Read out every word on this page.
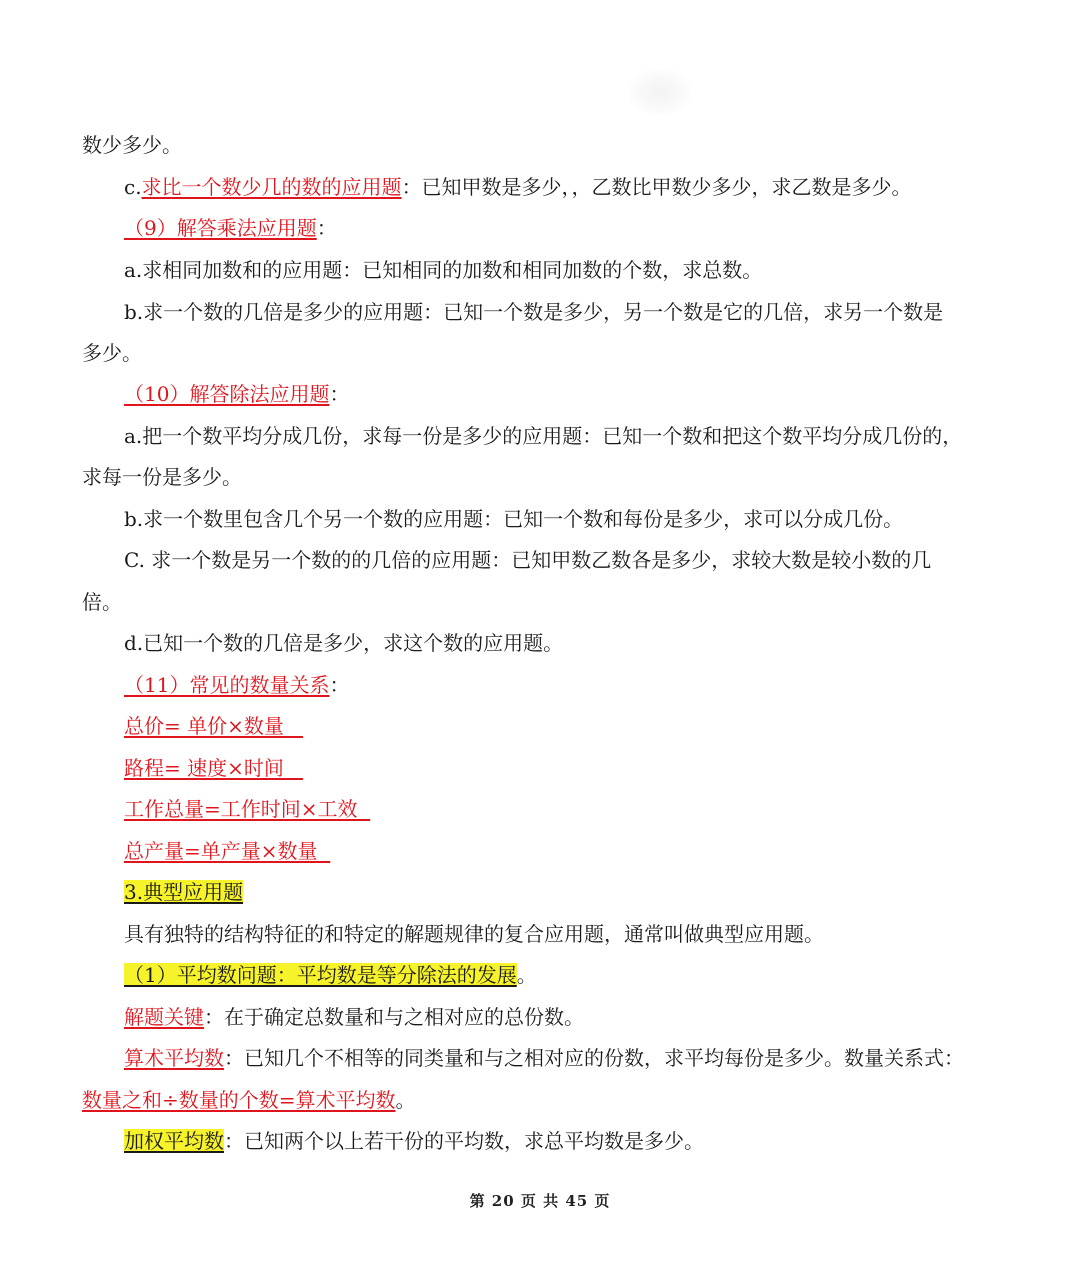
数少多少。
c.求比一个数少几的数的应用题：已知甲数是多少，，乙数比甲数少多少，求乙数是多少。
（9）解答乘法应用题：
a.求相同加数和的应用题：已知相同的加数和相同加数的个数，求总数。
b.求一个数的几倍是多少的应用题：已知一个数是多少，另一个数是它的几倍，求另一个数是
多少。
（10）解答除法应用题：
a.把一个数平均分成几份，求每一份是多少的应用题：已知一个数和把这个数平均分成几份的，
求每一份是多少。
b.求一个数里包含几个另一个数的应用题：已知一个数和每份是多少，求可以分成几份。
C. 求一个数是另一个数的的几倍的应用题：已知甲数乙数各是多少，求较大数是较小数的几
倍。
d.已知一个数的几倍是多少，求这个数的应用题。
（11）常见的数量关系：
总价= 单价×数量
路程= 速度×时间
工作总量=工作时间×工效
总产量=单产量×数量
3.典型应用题
具有独特的结构特征的和特定的解题规律的复合应用题，通常叫做典型应用题。
（1）平均数问题：平均数是等分除法的发展。
解题关键：在于确定总数量和与之相对应的总份数。
算术平均数：已知几个不相等的同类量和与之相对应的份数，求平均每份是多少。数量关系式：
数量之和÷数量的个数=算术平均数。
加权平均数：已知两个以上若干份的平均数，求总平均数是多少。
第 20 页 共 45 页
